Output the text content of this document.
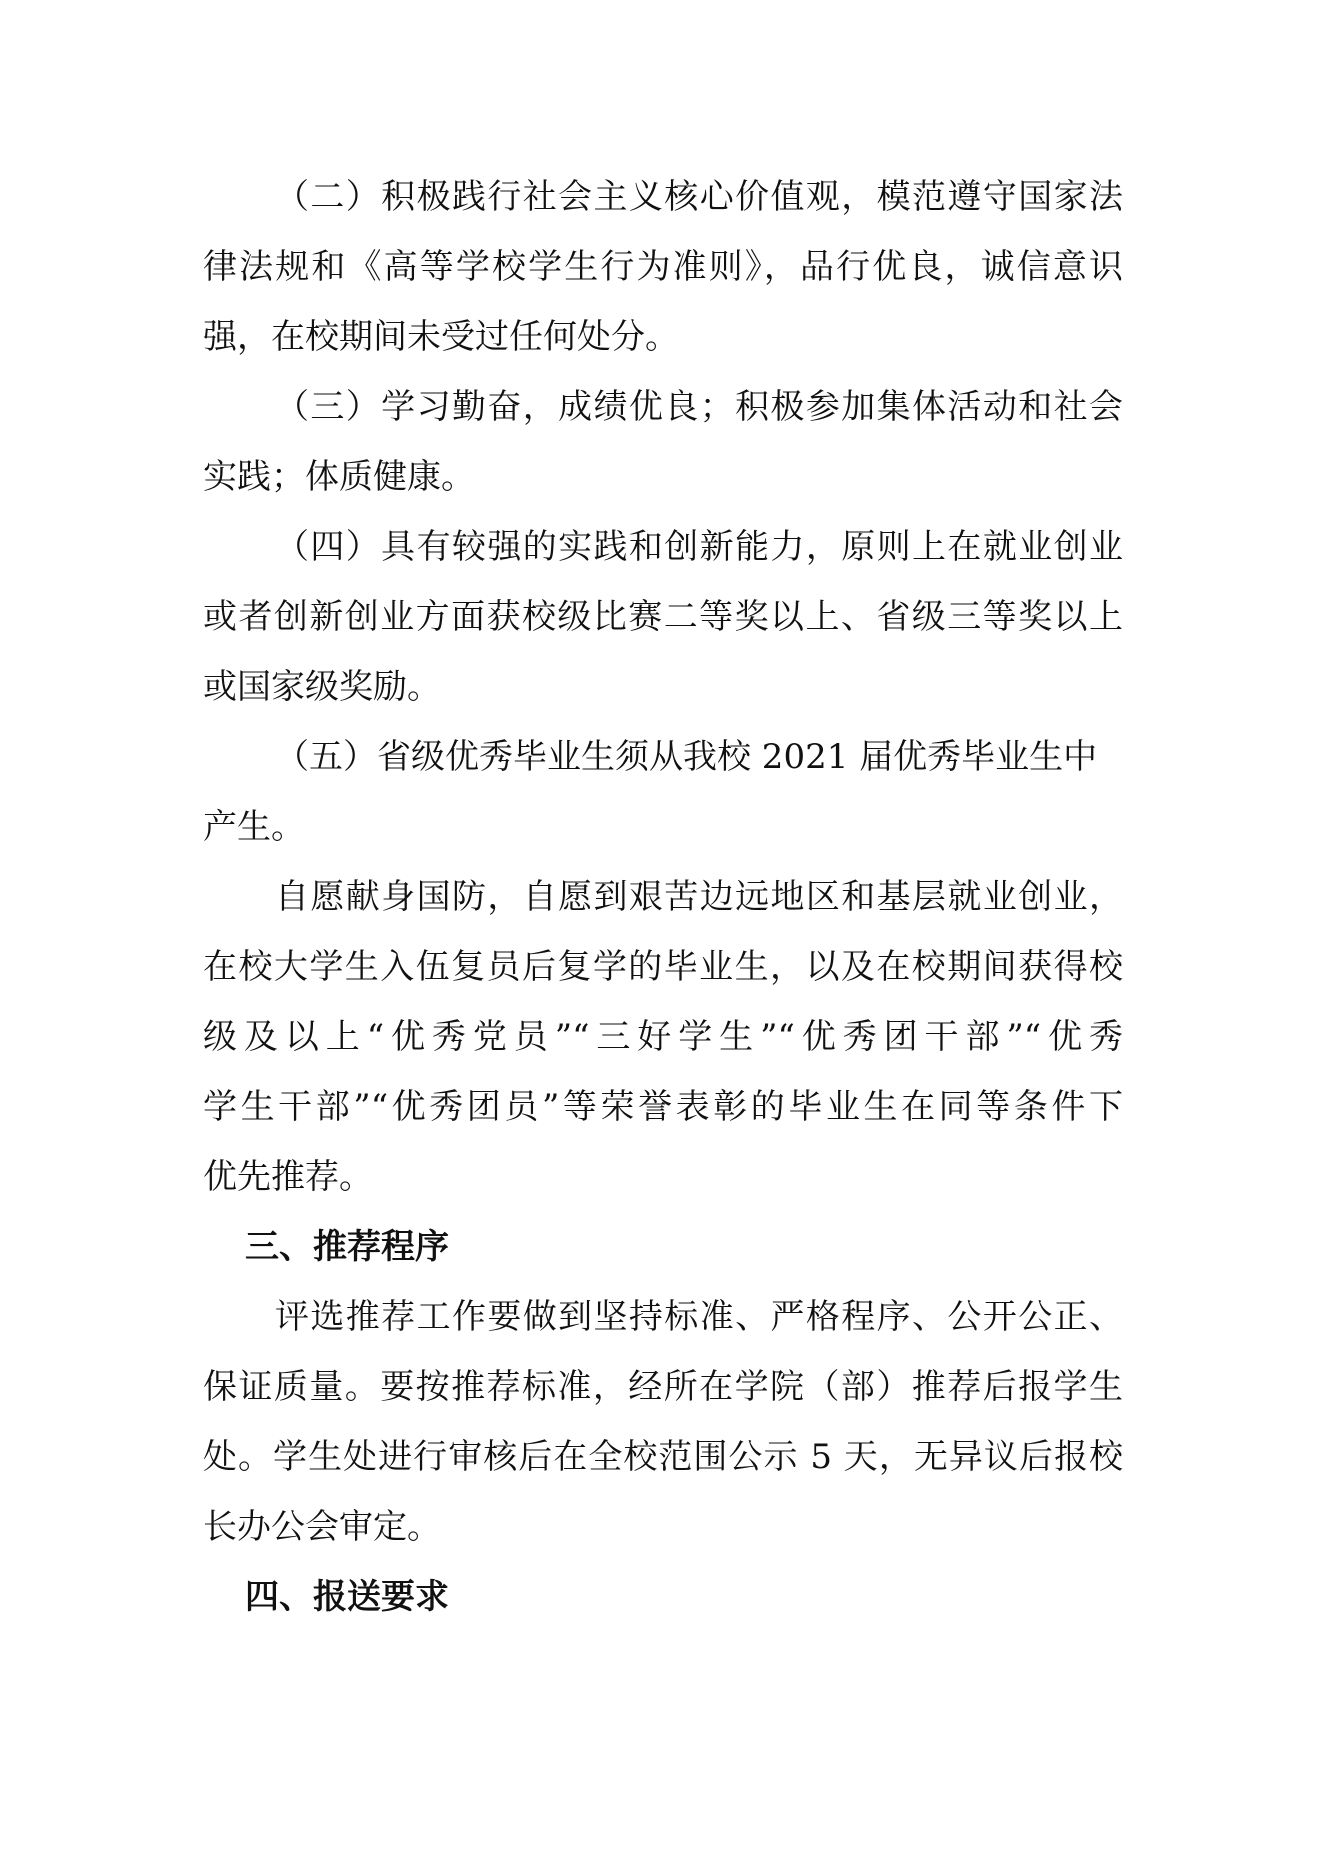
（二）积极践行社会主义核心价值观，模范遵守国家法
律法规和《高等学校学生行为准则》，品行优良，诚信意识
强，在校期间未受过任何处分。
（三）学习勤奋，成绩优良；积极参加集体活动和社会
实践；体质健康。
（四）具有较强的实践和创新能力，原则上在就业创业
或者创新创业方面获校级比赛二等奖以上、省级三等奖以上
或国家级奖励。
（五）省级优秀毕业生须从我校 2021 届优秀毕业生中
产生。
自愿献身国防，自愿到艰苦边远地区和基层就业创业，
在校大学生入伍复员后复学的毕业生，以及在校期间获得校
级及以上“优秀党员”“三好学生”“优秀团干部”“优秀
学生干部”“优秀团员”等荣誉表彰的毕业生在同等条件下
优先推荐。
三、推荐程序
评选推荐工作要做到坚持标准、严格程序、公开公正、
保证质量。要按推荐标准，经所在学院（部）推荐后报学生
处。学生处进行审核后在全校范围公示 5 天，无异议后报校
长办公会审定。
四、报送要求
